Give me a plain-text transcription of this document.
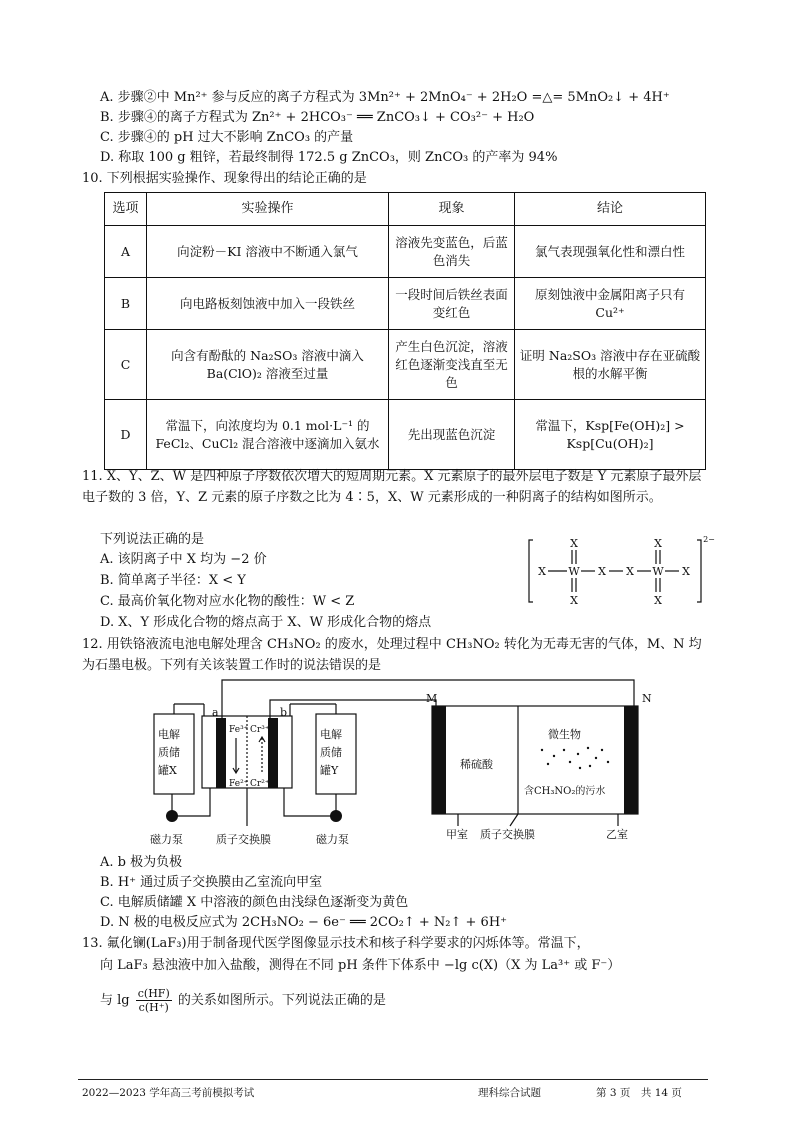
A. 步骤②中 Mn²⁺ 参与反应的离子方程式为 3Mn²⁺ + 2MnO₄⁻ + 2H₂O =△= 5MnO₂↓ + 4H⁺
B. 步骤④的离子方程式为 Zn²⁺ + 2HCO₃⁻ ══ ZnCO₃↓ + CO₃²⁻ + H₂O
C. 步骤④的 pH 过大不影响 ZnCO₃ 的产量
D. 称取 100 g 粗锌，若最终制得 172.5 g ZnCO₃，则 ZnCO₃ 的产率为 94%
10. 下列根据实验操作、现象得出的结论正确的是
选项	实验操作	现象	结论
A	向淀粉－KI 溶液中不断通入氯气	溶液先变蓝色，后蓝色消失	氯气表现强氧化性和漂白性
B	向电路板刻蚀液中加入一段铁丝	一段时间后铁丝表面变红色	原刻蚀液中金属阳离子只有 Cu²⁺
C	向含有酚酞的 Na₂SO₃ 溶液中滴入 Ba(ClO)₂ 溶液至过量	产生白色沉淀，溶液红色逐渐变浅直至无色	证明 Na₂SO₃ 溶液中存在亚硫酸根的水解平衡
D	常温下，向浓度均为 0.1 mol·L⁻¹ 的 FeCl₂、CuCl₂ 混合溶液中逐滴加入氨水	先出现蓝色沉淀	常温下，Ksp[Fe(OH)₂] > Ksp[Cu(OH)₂]
11. X、Y、Z、W 是四种原子序数依次增大的短周期元素。X 元素原子的最外层电子数是 Y 元素原子最外层电子数的 3 倍，Y、Z 元素的原子序数之比为 4∶5，X、W 元素形成的一种阴离子的结构如图所示。
下列说法正确的是
A. 该阴离子中 X 均为 −2 价
B. 简单离子半径：X < Y
C. 最高价氧化物对应水化物的酸性：W < Z
D. X、Y 形成化合物的熔点高于 X、W 形成化合物的熔点
X	X
X W X X W X
X	X
2−
12. 用铁铬液流电池电解处理含 CH₃NO₂ 的废水，处理过程中 CH₃NO₂ 转化为无毒无害的气体，M、N 均为石墨电极。下列有关该装置工作时的说法错误的是
a	b
M	N
电解
质储
罐X
电解
质储
罐Y
Fe³⁺
Fe²⁺
Cr³⁺
Cr²⁺
磁力泵	质子交换膜	磁力泵
稀硫酸
微生物
含CH₃NO₂的污水
甲室 质子交换膜	乙室
A. b 极为负极
B. H⁺ 通过质子交换膜由乙室流向甲室
C. 电解质储罐 X 中溶液的颜色由浅绿色逐渐变为黄色
D. N 极的电极反应式为 2CH₃NO₂ − 6e⁻ ══ 2CO₂↑ + N₂↑ + 6H⁺
13. 氟化镧(LaF₃)用于制备现代医学图像显示技术和核子科学要求的闪烁体等。常温下，
向 LaF₃ 悬浊液中加入盐酸，测得在不同 pH 条件下体系中 −lg c(X)（X 为 La³⁺ 或 F⁻）
与 $\lg \frac{c(HF)}{c(H^+)}$ 的关系如图所示。下列说法正确的是
2022—2023 学年高三考前模拟考试	理科综合试题	第 3 页　共 14 页
